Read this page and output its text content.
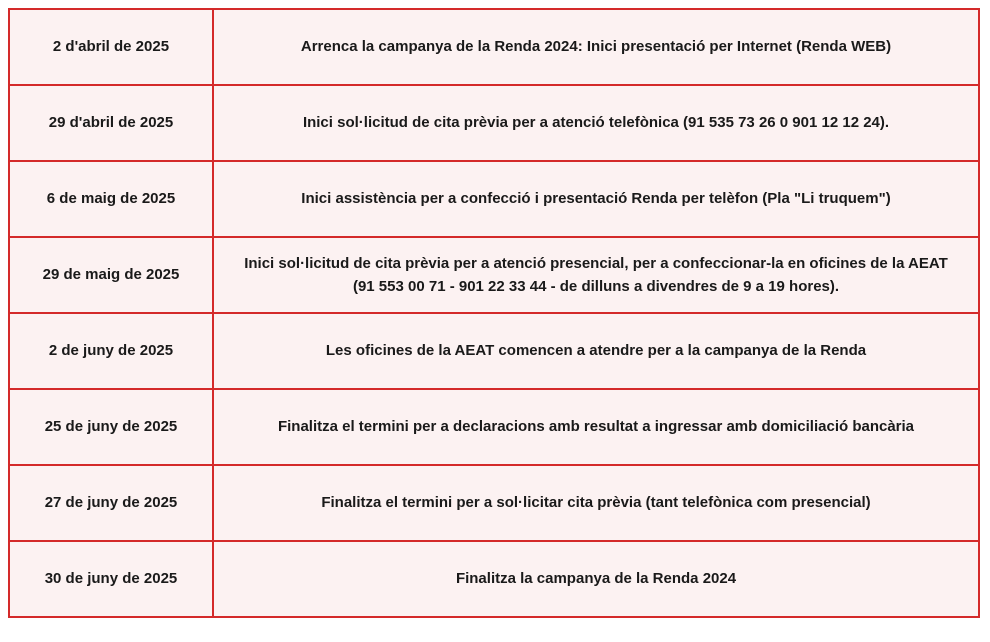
2 d'abril de 2025	Arrenca la campanya de la Renda 2024: Inici presentació per Internet (Renda WEB)
29 d'abril de 2025	Inici sol·licitud de cita prèvia per a atenció telefònica (91 535 73 26 0 901 12 12 24).
6 de maig de 2025	Inici assistència per a confecció i presentació Renda per telèfon (Pla "Li truquem")
29 de maig de 2025	Inici sol·licitud de cita prèvia per a atenció presencial, per a confeccionar-la en oficines de la AEAT
(91 553 00 71 - 901 22 33 44 - de dilluns a divendres de 9 a 19 hores).
2 de juny de 2025	Les oficines de la AEAT comencen a atendre per a la campanya de la Renda
25 de juny de 2025	Finalitza el termini per a declaracions amb resultat a ingressar amb domiciliació bancària
27 de juny de 2025	Finalitza el termini per a sol·licitar cita prèvia (tant telefònica com presencial)
30 de juny de 2025	Finalitza la campanya de la Renda 2024
